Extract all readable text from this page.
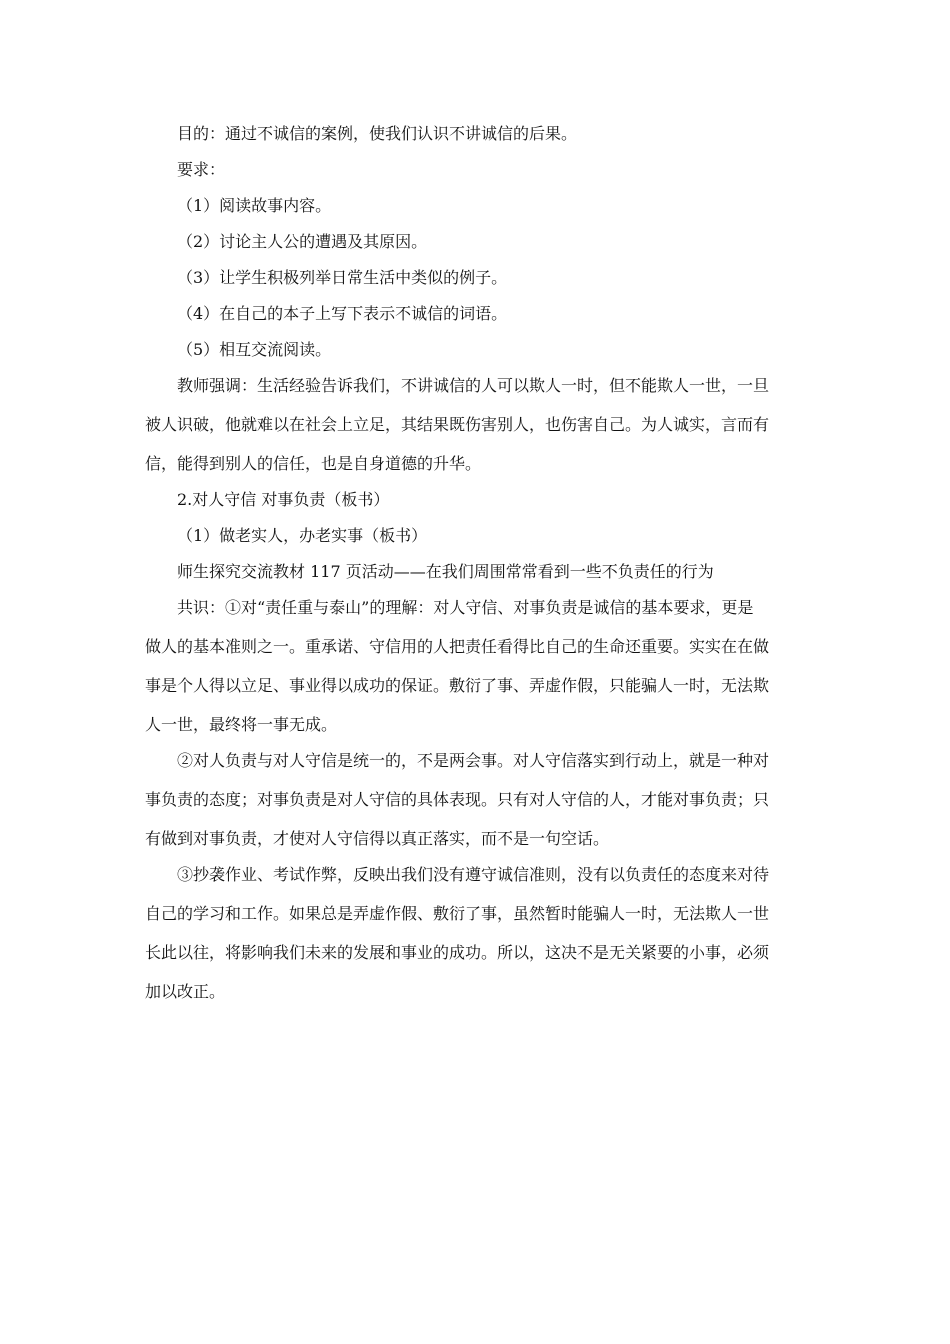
目的：通过不诚信的案例，使我们认识不讲诚信的后果。

要求：

（1）阅读故事内容。

（2）讨论主人公的遭遇及其原因。

（3）让学生积极列举日常生活中类似的例子。

（4）在自己的本子上写下表示不诚信的词语。

（5）相互交流阅读。

教师强调：生活经验告诉我们，不讲诚信的人可以欺人一时，但不能欺人一世，一旦

被人识破，他就难以在社会上立足，其结果既伤害别人，也伤害自己。为人诚实，言而有

信，能得到别人的信任，也是自身道德的升华。

2.对人守信 对事负责（板书）

（1）做老实人，办老实事（板书）

师生探究交流教材 117 页活动——在我们周围常常看到一些不负责任的行为

共识：①对“责任重与泰山”的理解：对人守信、对事负责是诚信的基本要求，更是

做人的基本准则之一。重承诺、守信用的人把责任看得比自己的生命还重要。实实在在做

事是个人得以立足、事业得以成功的保证。敷衍了事、弄虚作假，只能骗人一时，无法欺

人一世，最终将一事无成。

②对人负责与对人守信是统一的，不是两会事。对人守信落实到行动上，就是一种对

事负责的态度；对事负责是对人守信的具体表现。只有对人守信的人，才能对事负责；只

有做到对事负责，才使对人守信得以真正落实，而不是一句空话。

③抄袭作业、考试作弊，反映出我们没有遵守诚信准则，没有以负责任的态度来对待

自己的学习和工作。如果总是弄虚作假、敷衍了事，虽然暂时能骗人一时，无法欺人一世

长此以往，将影响我们未来的发展和事业的成功。所以，这决不是无关紧要的小事，必须

加以改正。
